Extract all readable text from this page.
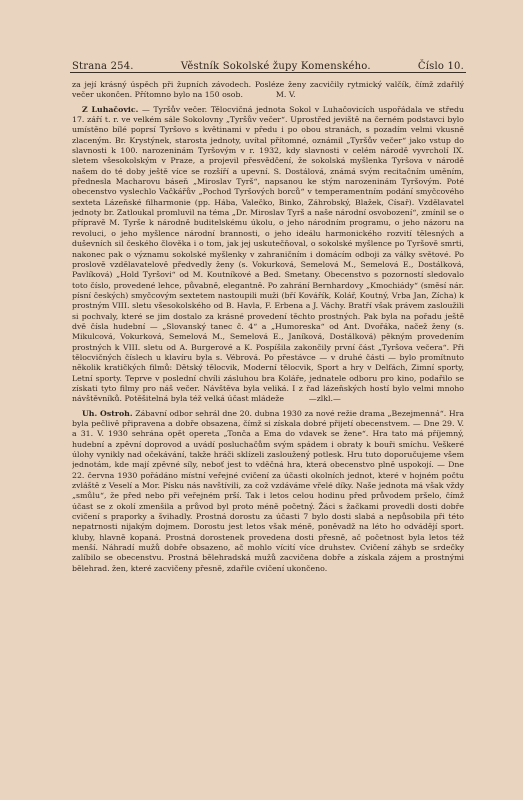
Strana 254.	Věstník Sokolské župy Komenského.	Číslo 10.

za její krásný úspěch při župních závodech. Posléze ženy zacvičily rytmický valčík, čímž zdařilý večer ukončen. Přítomno bylo na 150 osob.	M. V.

Z Luhačovic. — Tyršův večer. Tělocvičná jednota Sokol v Luhačovicích uspořádala ve středu 17. září t. r. ve velkém sále Sokolovny „Tyršův večer“. Uprostřed jeviště na černém podstavci bylo umístěno bílé poprsí Tyršovo s květinami v předu i po obou stranách, s pozadím velmi vkusně zlaceným. Br. Krystýnek, starosta jednoty, uvítal přítomné, oznámil „Tyršův večer“ jako vstup do slavnosti k 100. narozeninám Tyršovým v r. 1932, kdy slavnosti v celém národě vyvrcholí IX. sletem všesokolským v Praze, a projevil přesvědčení, že sokolská myšlenka Tyršova v národě našem do té doby ještě více se rozšíří a upevní. S. Dostálová, známá svým recitačním uměním, přednesla Macharovu báseň „Miroslav Tyrš“, napsanou ke stým narozeninám Tyršovým. Poté obecenstvo vyslechlo Vačkářův „Pochod Tyršových borců“ v temperamentním podání smyčcového sexteta Lázeňské filharmonie (pp. Hába, Valečko, Binko, Záhrobský, Blažek, Císař). Vzdělavatel jednoty br. Zatloukal promluvil na téma „Dr. Miroslav Tyrš a naše národní osvobození“, zmínil se o přípravě M. Tyrše k národně buditelskému úkolu, o jeho národním programu, o jeho názoru na revoluci, o jeho myšlence národní brannosti, o jeho ideálu harmonického rozvití tělesných a duševních sil českého člověka i o tom, jak jej uskutečňoval, o sokolské myšlence po Tyršově smrti, nakonec pak o významu sokolské myšlenky v zahraničním i domácím odboji za války světové. Po proslově vzdělavatelově předvedly ženy (s. Vokurková, Semelová M., Semelová E., Dostálková, Pavlíková) „Hold Tyršovi“ od M. Koutníkové a Bed. Smetany. Obecenstvo s pozorností sledovalo toto číslo, provedené lehce, půvabně, elegantně. Po zahrání Bernhardovy „Kmochiády“ (směsí nár. písní českých) smyčcovým sextetem nastoupili muži (bří Kovářík, Kolář, Koutný, Vrba Jan, Zícha) k prostným VIII. sletu všesokolského od B. Havla, F. Erbena a J. Váchy. Bratří však právem zasloužili si pochvaly, které se jim dostalo za krásné provedení těchto prostných. Pak byla na pořadu ještě dvě čísla hudební — „Slovanský tanec č. 4“ a „Humoreska“ od Ant. Dvořáka, načež ženy (s. Mikulcová, Vokurková, Semelová M., Semelová E., Janíková, Dostálková) pěkným provedením prostných k VIII. sletu od A. Burgerové a K. Pospíšila zakončily první část „Tyršova večera“. Při tělocvičných číslech u klavíru byla s. Vébrová. Po přestávce — v druhé části — bylo promítnuto několik kratičkých filmů: Dětský tělocvik, Moderní tělocvik, Sport a hry v Delfách, Zimní sporty, Letní sporty. Teprve v poslední chvíli zásluhou bra Koláře, jednatele odboru pro kino, podařilo se získati tyto filmy pro náš večer. Návštěva byla veliká. I z řad lázeňských hostí bylo velmi mnoho návštěvníků. Potěšitelná byla též velká účast mládeže	—zlkl.—

Uh. Ostroh. Zábavní odbor sehrál dne 20. dubna 1930 za nové režie drama „Bezejmenná“. Hra byla pečlivě připravena a dobře obsazena, čímž si získala dobré přijetí obecenstvem. — Dne 29. V. a 31. V. 1930 sehrána opět opereta „Tonča a Ema do vdavek se žene“. Hra tato má příjemný, hudební a zpěvní doprovod a uvádí posluchačům svým spádem i obraty k bouři smíchu. Veškeré úlohy vynikly nad očekávání, takže hráči sklízeli zasloužený potlesk. Hru tuto doporučujeme všem jednotám, kde mají zpěvné síly, neboť jest to vděčná hra, která obecenstvo plně uspokojí. — Dne 22. června 1930 pořádáno místní veřejné cvičení za účasti okolních jednot, které v hojném počtu zvláště z Veselí a Mor. Písku nás navštívili, za což vzdáváme vřelé díky. Naše jednota má však vždy „smůlu“, že před nebo při veřejném prší. Tak i letos celou hodinu před průvodem pršelo, čímž účast se z okolí zmenšila a průvod byl proto méně početný. Žáci s žačkami provedli dosti dobře cvičení s praporky a švihadly. Prostná dorostu za účasti 7 bylo dosti slabá a nepůsobila při této nepatrnosti nijakým dojmem. Dorostu jest letos však méně, poněvadž na léto ho odvádějí sport. kluby, hlavně kopaná. Prostná dorostenek provedena dosti přesně, ač početnost byla letos též menší. Náhradí mužů dobře obsazeno, ač mohlo vícití více druhstev. Cvičení záhyb se srdečky zalíbilo se obecenstvu. Prostná bělehradská mužů zacvičena dobře a získala zájem a prostnými bělehrad. žen, které zacvičeny přesně, zdařile cvičení ukončeno.
